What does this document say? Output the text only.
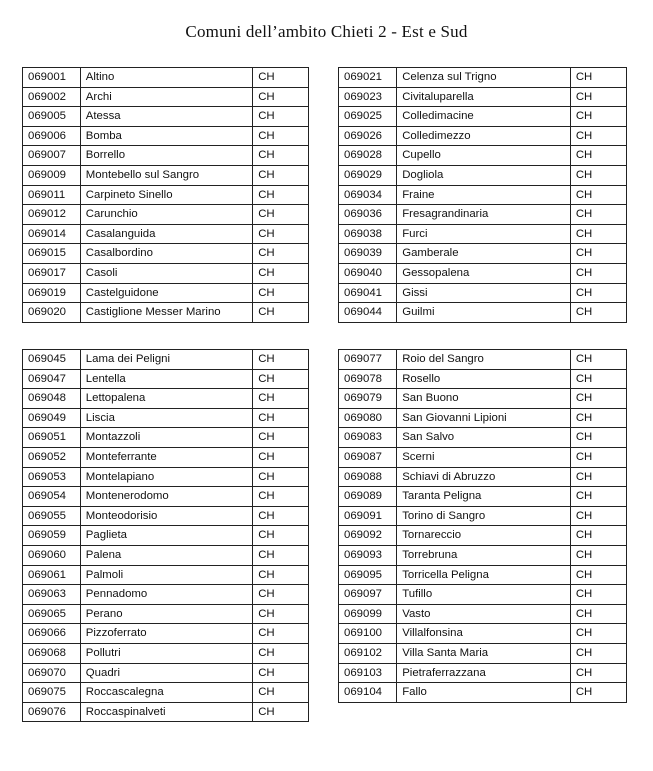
Comuni dell’ambito Chieti 2 - Est e Sud
069001	Altino	CH
069002	Archi	CH
069005	Atessa	CH
069006	Bomba	CH
069007	Borrello	CH
069009	Montebello sul Sangro	CH
069011	Carpineto Sinello	CH
069012	Carunchio	CH
069014	Casalanguida	CH
069015	Casalbordino	CH
069017	Casoli	CH
069019	Castelguidone	CH
069020	Castiglione Messer Marino	CH
069021	Celenza sul Trigno	CH
069023	Civitaluparella	CH
069025	Colledimacine	CH
069026	Colledimezzo	CH
069028	Cupello	CH
069029	Dogliola	CH
069034	Fraine	CH
069036	Fresagrandinaria	CH
069038	Furci	CH
069039	Gamberale	CH
069040	Gessopalena	CH
069041	Gissi	CH
069044	Guilmi	CH
069045	Lama dei Peligni	CH
069047	Lentella	CH
069048	Lettopalena	CH
069049	Liscia	CH
069051	Montazzoli	CH
069052	Monteferrante	CH
069053	Montelapiano	CH
069054	Montenerodomo	CH
069055	Monteodorisio	CH
069059	Paglieta	CH
069060	Palena	CH
069061	Palmoli	CH
069063	Pennadomo	CH
069065	Perano	CH
069066	Pizzoferrato	CH
069068	Pollutri	CH
069070	Quadri	CH
069075	Roccascalegna	CH
069076	Roccaspinalveti	CH
069077	Roio del Sangro	CH
069078	Rosello	CH
069079	San Buono	CH
069080	San Giovanni Lipioni	CH
069083	San Salvo	CH
069087	Scerni	CH
069088	Schiavi di Abruzzo	CH
069089	Taranta Peligna	CH
069091	Torino di Sangro	CH
069092	Tornareccio	CH
069093	Torrebruna	CH
069095	Torricella Peligna	CH
069097	Tufillo	CH
069099	Vasto	CH
069100	Villalfonsina	CH
069102	Villa Santa Maria	CH
069103	Pietraferrazzana	CH
069104	Fallo	CH
